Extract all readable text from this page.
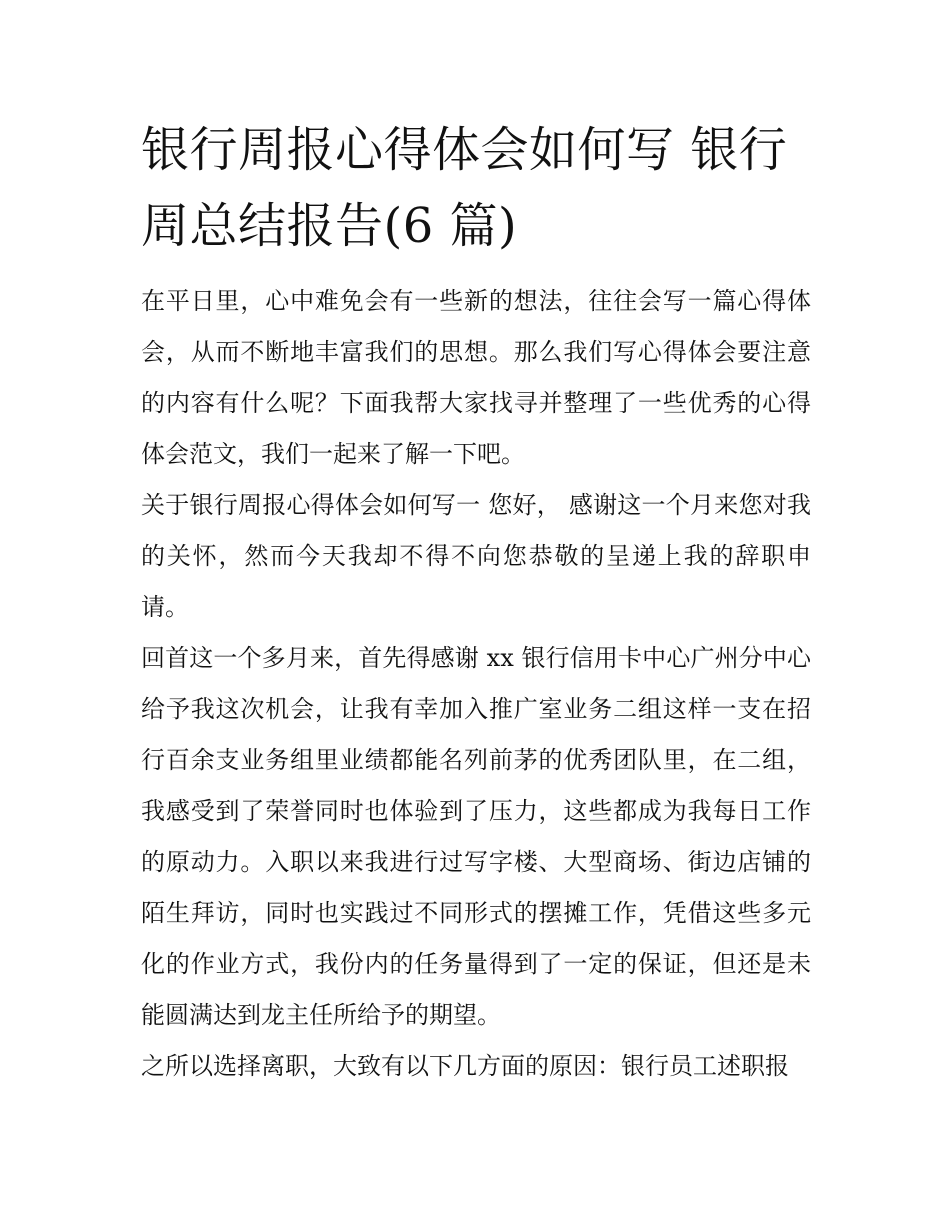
银行周报心得体会如何写 银行周总结报告(6 篇)

在平日里，心中难免会有一些新的想法，往往会写一篇心得体会，从而不断地丰富我们的思想。那么我们写心得体会要注意的内容有什么呢？下面我帮大家找寻并整理了一些优秀的心得体会范文，我们一起来了解一下吧。

关于银行周报心得体会如何写一 您好， 感谢这一个月来您对我的关怀，然而今天我却不得不向您恭敬的呈递上我的辞职申请。

回首这一个多月来，首先得感谢 xx 银行信用卡中心广州分中心给予我这次机会，让我有幸加入推广室业务二组这样一支在招行百余支业务组里业绩都能名列前茅的优秀团队里，在二组，我感受到了荣誉同时也体验到了压力，这些都成为我每日工作的原动力。入职以来我进行过写字楼、大型商场、街边店铺的陌生拜访，同时也实践过不同形式的摆摊工作，凭借这些多元化的作业方式，我份内的任务量得到了一定的保证，但还是未能圆满达到龙主任所给予的期望。

之所以选择离职，大致有以下几方面的原因：银行员工述职报
